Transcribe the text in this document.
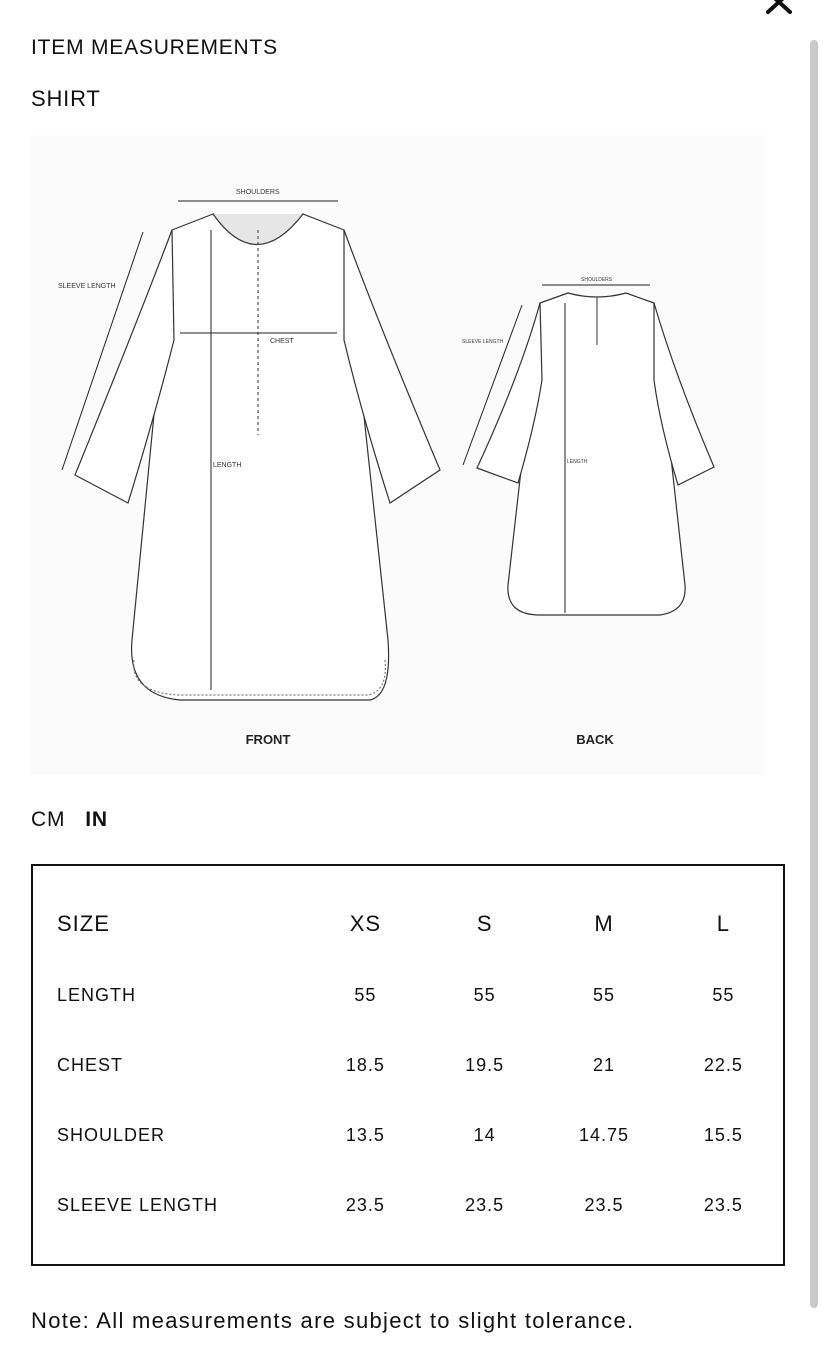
ITEM MEASUREMENTS
SHIRT
SHOULDERS
CHEST
LENGTH
SLEEVE LENGTH
SHOULDERS
LENGTH
SLEEVE LENGTH
FRONT	BACK
CM IN
SIZE	XS	S	M	L
LENGTH	55	55	55	55
CHEST	18.5	19.5	21	22.5
SHOULDER	13.5	14	14.75	15.5
SLEEVE LENGTH	23.5	23.5	23.5	23.5
Note: All measurements are subject to slight tolerance.
